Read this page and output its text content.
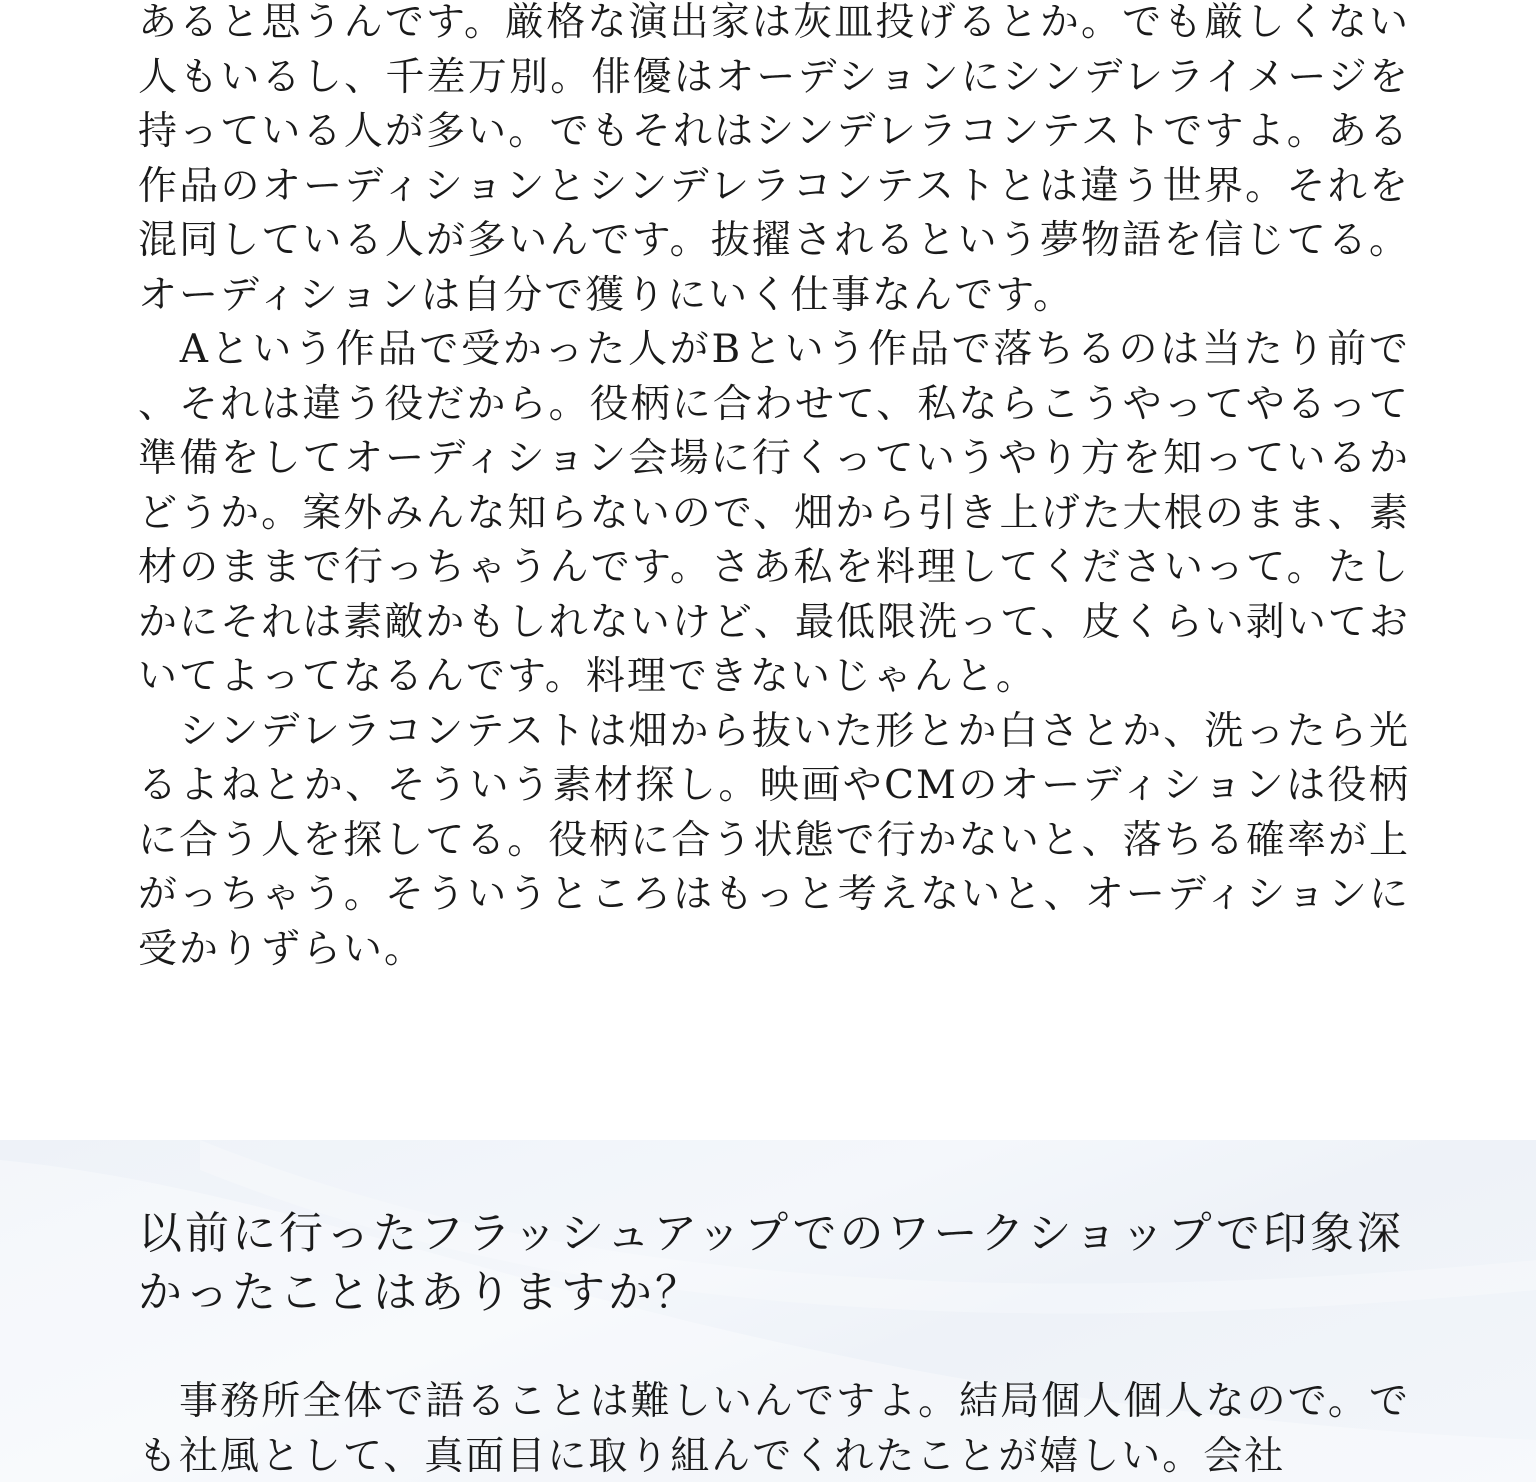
あると思うんです。厳格な演出家は灰皿投げるとか。でも厳しくない人もいるし、千差万別。俳優はオーデションにシンデレライメージを持っている人が多い。でもそれはシンデレラコンテストですよ。ある作品のオーディションとシンデレラコンテストとは違う世界。それを混同している人が多いんです。抜擢されるという夢物語を信じてる。オーディションは自分で獲りにいく仕事なんです。

　Aという作品で受かった人がBという作品で落ちるのは当たり前で、それは違う役だから。役柄に合わせて、私ならこうやってやるって準備をしてオーディション会場に行くっていうやり方を知っているかどうか。案外みんな知らないので、畑から引き上げた大根のまま、素材のままで行っちゃうんです。さあ私を料理してくださいって。たしかにそれは素敵かもしれないけど、最低限洗って、皮くらい剥いておいてよってなるんです。料理できないじゃんと。

　シンデレラコンテストは畑から抜いた形とか白さとか、洗ったら光るよねとか、そういう素材探し。映画やCMのオーディションは役柄に合う人を探してる。役柄に合う状態で行かないと、落ちる確率が上がっちゃう。そういうところはもっと考えないと、オーディションに受かりずらい。

以前に行ったフラッシュアップでのワークショップで印象深かったことはありますか？

　事務所全体で語ることは難しいんですよ。結局個人個人なので。でも社風として、真面目に取り組んでくれたことが嬉しい。会社
